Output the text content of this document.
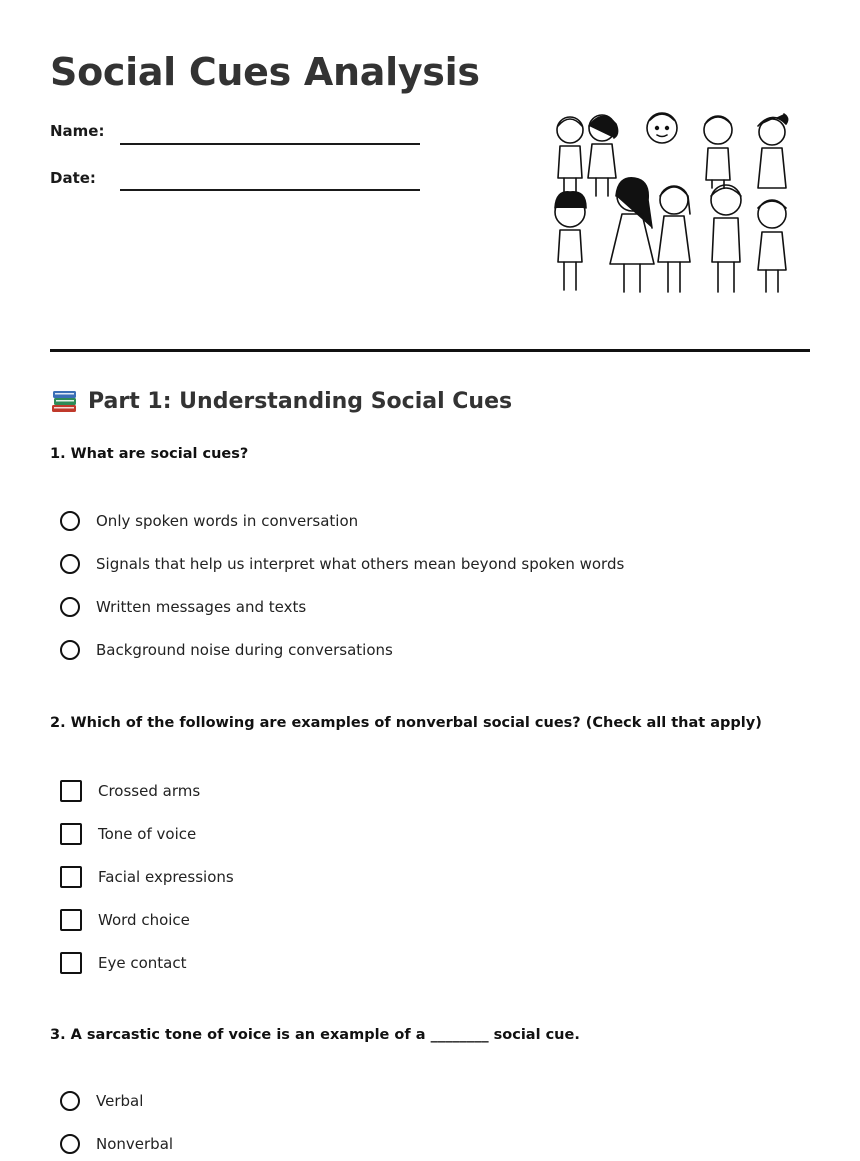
Social Cues Analysis
Name:
Date:
Part 1: Understanding Social Cues
1. What are social cues?
Only spoken words in conversation
Signals that help us interpret what others mean beyond spoken words
Written messages and texts
Background noise during conversations
2. Which of the following are examples of nonverbal social cues? (Check all that apply)
Crossed arms
Tone of voice
Facial expressions
Word choice
Eye contact
3. A sarcastic tone of voice is an example of a ________ social cue.
Verbal
Nonverbal
